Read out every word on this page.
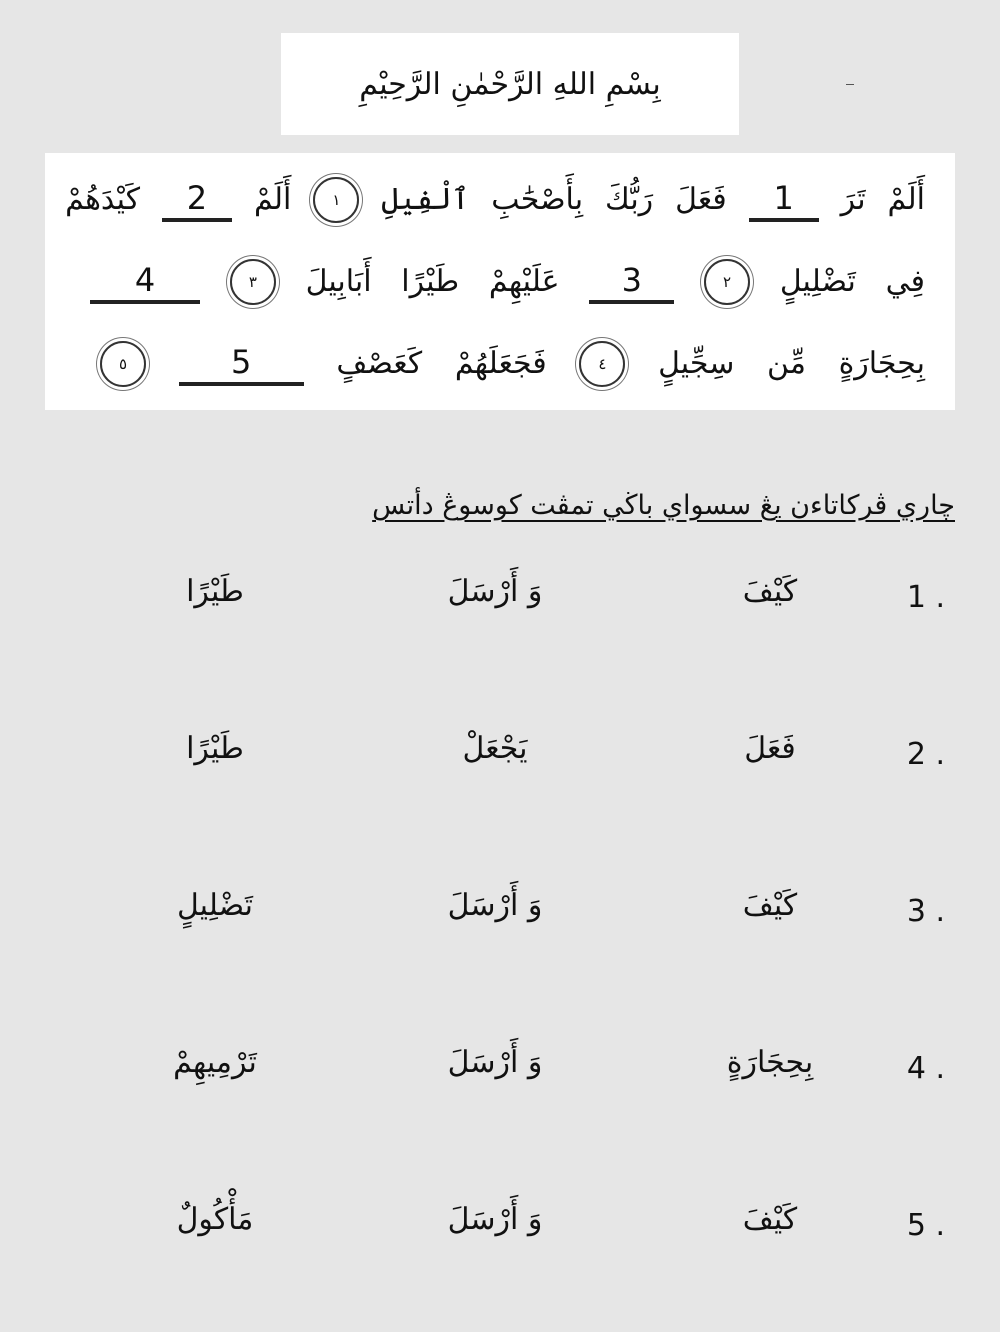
بِسْمِ اللهِ الرَّحْمٰنِ الرَّحِيْمِ
أَلَمْ
تَرَ
1
فَعَلَ
رَبُّكَ
بِأَصْحَٰبِ
ٱلْفِيلِ
١
أَلَمْ
2
كَيْدَهُمْ
فِي
تَضْلِيلٍ
٢
3
عَلَيْهِمْ
طَيْرًا
أَبَابِيلَ
٣
4
بِحِجَارَةٍ
مِّن
سِجِّيلٍ
٤
فَجَعَلَهُمْ
كَعَصْفٍ
5
٥
چاري ڤركاتاءن يڠ سسواي باڬي تمڤت كوسوڠ دأتس
1 .
كَيْفَ
وَ أَرْسَلَ
طَيْرًا
2 .
فَعَلَ
يَجْعَلْ
طَيْرًا
3 .
كَيْفَ
وَ أَرْسَلَ
تَضْلِيلٍ
4 .
بِحِجَارَةٍ
وَ أَرْسَلَ
تَرْمِيهِمْ
5 .
كَيْفَ
وَ أَرْسَلَ
مَأْكُولٌ
